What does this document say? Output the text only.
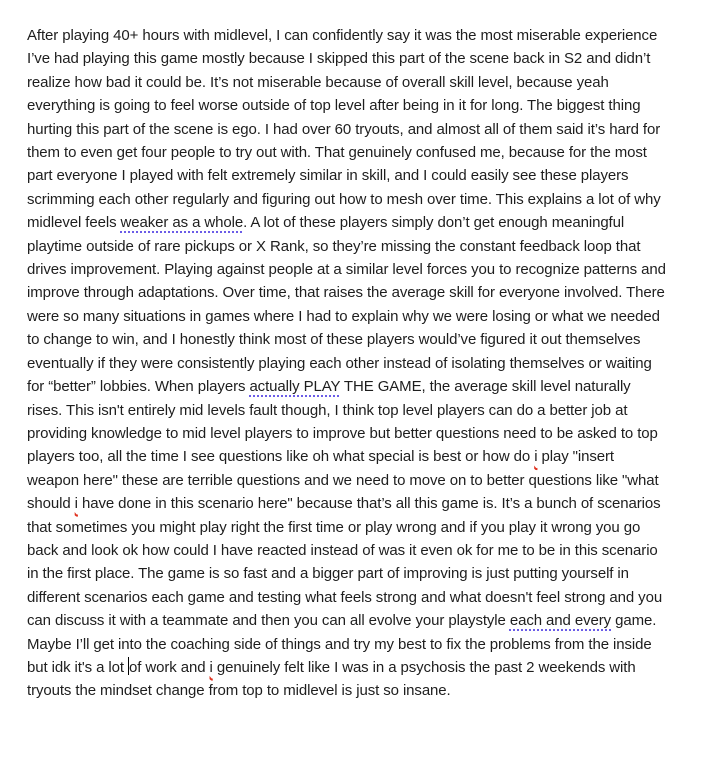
After playing 40+ hours with midlevel, I can confidently say it was the most miserable experience I’ve had playing this game mostly because I skipped this part of the scene back in S2 and didn’t realize how bad it could be. It’s not miserable because of overall skill level, because yeah everything is going to feel worse outside of top level after being in it for long. The biggest thing hurting this part of the scene is ego. I had over 60 tryouts, and almost all of them said it’s hard for them to even get four people to try out with. That genuinely confused me, because for the most part everyone I played with felt extremely similar in skill, and I could easily see these players scrimming each other regularly and figuring out how to mesh over time. This explains a lot of why midlevel feels weaker as a whole. A lot of these players simply don’t get enough meaningful playtime outside of rare pickups or X Rank, so they’re missing the constant feedback loop that drives improvement. Playing against people at a similar level forces you to recognize patterns and improve through adaptations. Over time, that raises the average skill for everyone involved. There were so many situations in games where I had to explain why we were losing or what we needed to change to win, and I honestly think most of these players would’ve figured it out themselves eventually if they were consistently playing each other instead of isolating themselves or waiting for “better” lobbies. When players actually PLAY THE GAME, the average skill level naturally rises. This isn't entirely mid levels fault though, I think top level players can do a better job at providing knowledge to mid level players to improve but better questions need to be asked to top players too, all the time I see questions like oh what special is best or how do i play "insert weapon here" these are terrible questions and we need to move on to better questions like "what should i have done in this scenario here" because that’s all this game is. It’s a bunch of scenarios that sometimes you might play right the first time or play wrong and if you play it wrong you go back and look ok how could I have reacted instead of was it even ok for me to be in this scenario in the first place. The game is so fast and a bigger part of improving is just putting yourself in different scenarios each game and testing what feels strong and what doesn't feel strong and you can discuss it with a teammate and then you can all evolve your playstyle each and every game. Maybe I’ll get into the coaching side of things and try my best to fix the problems from the inside but idk it's a lot of work and i genuinely felt like I was in a psychosis the past 2 weekends with tryouts the mindset change from top to midlevel is just so insane.
